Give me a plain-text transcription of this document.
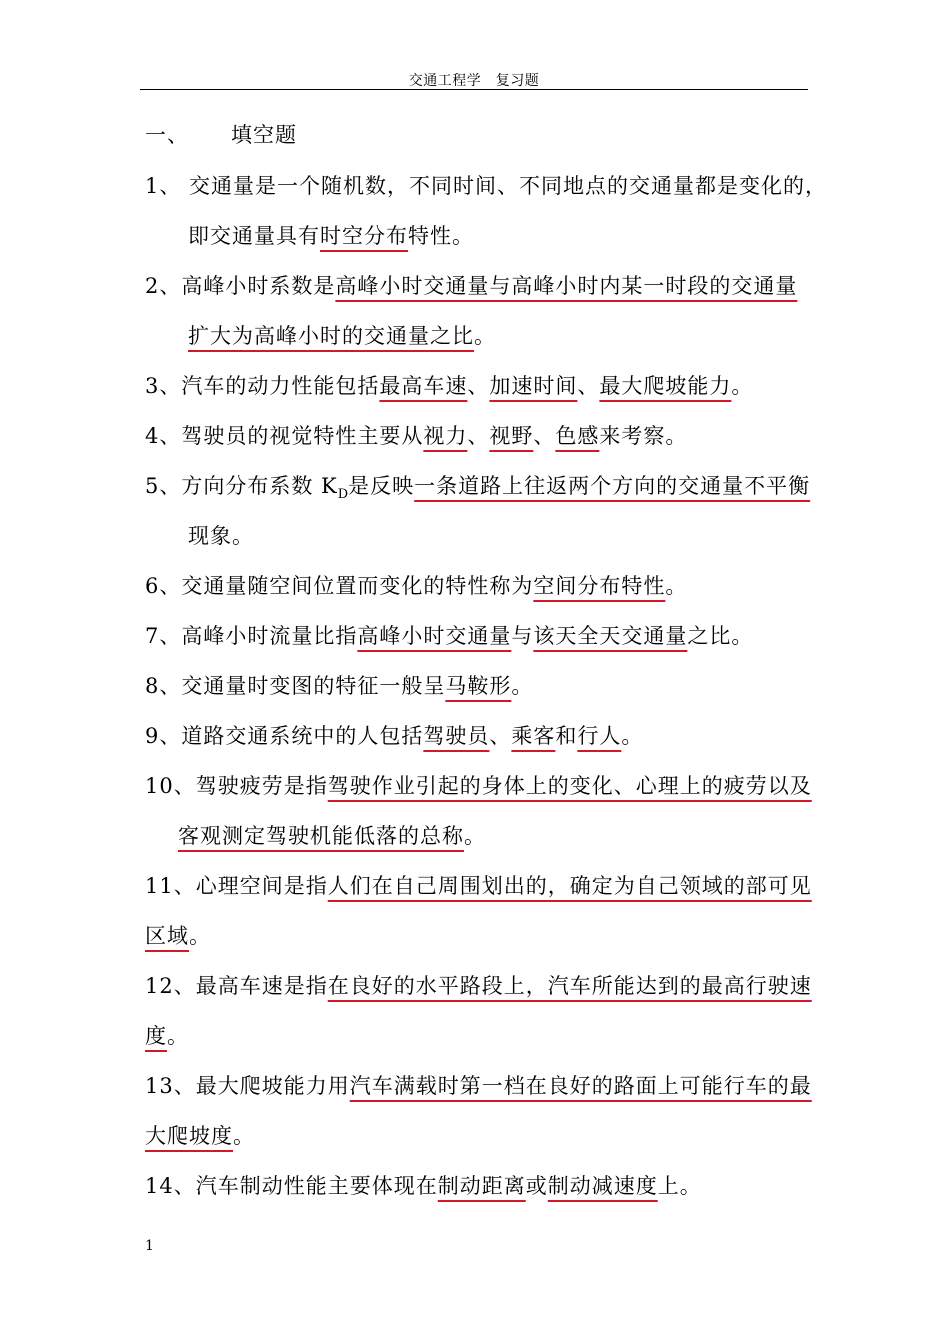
交通工程学　复习题
一、 填空题
1、 交通量是一个随机数，不同时间、不同地点的交通量都是变化的，
即交通量具有时空分布特性。
2、高峰小时系数是高峰小时交通量与高峰小时内某一时段的交通量
扩大为高峰小时的交通量之比。
3、汽车的动力性能包括最高车速、加速时间、最大爬坡能力。
4、驾驶员的视觉特性主要从视力、视野、色感来考察。
5、方向分布系数 $K_D$是反映一条道路上往返两个方向的交通量不平衡
现象。
6、交通量随空间位置而变化的特性称为空间分布特性。
7、高峰小时流量比指高峰小时交通量与该天全天交通量之比。
8、交通量时变图的特征一般呈马鞍形。
9、道路交通系统中的人包括驾驶员、乘客和行人。
10、驾驶疲劳是指驾驶作业引起的身体上的变化、心理上的疲劳以及
客观测定驾驶机能低落的总称。
11、心理空间是指人们在自己周围划出的，确定为自己领域的部可见
区域。
12、最高车速是指在良好的水平路段上，汽车所能达到的最高行驶速
度。
13、最大爬坡能力用汽车满载时第一档在良好的路面上可能行车的最
大爬坡度。
14、汽车制动性能主要体现在制动距离或制动减速度上。
1
